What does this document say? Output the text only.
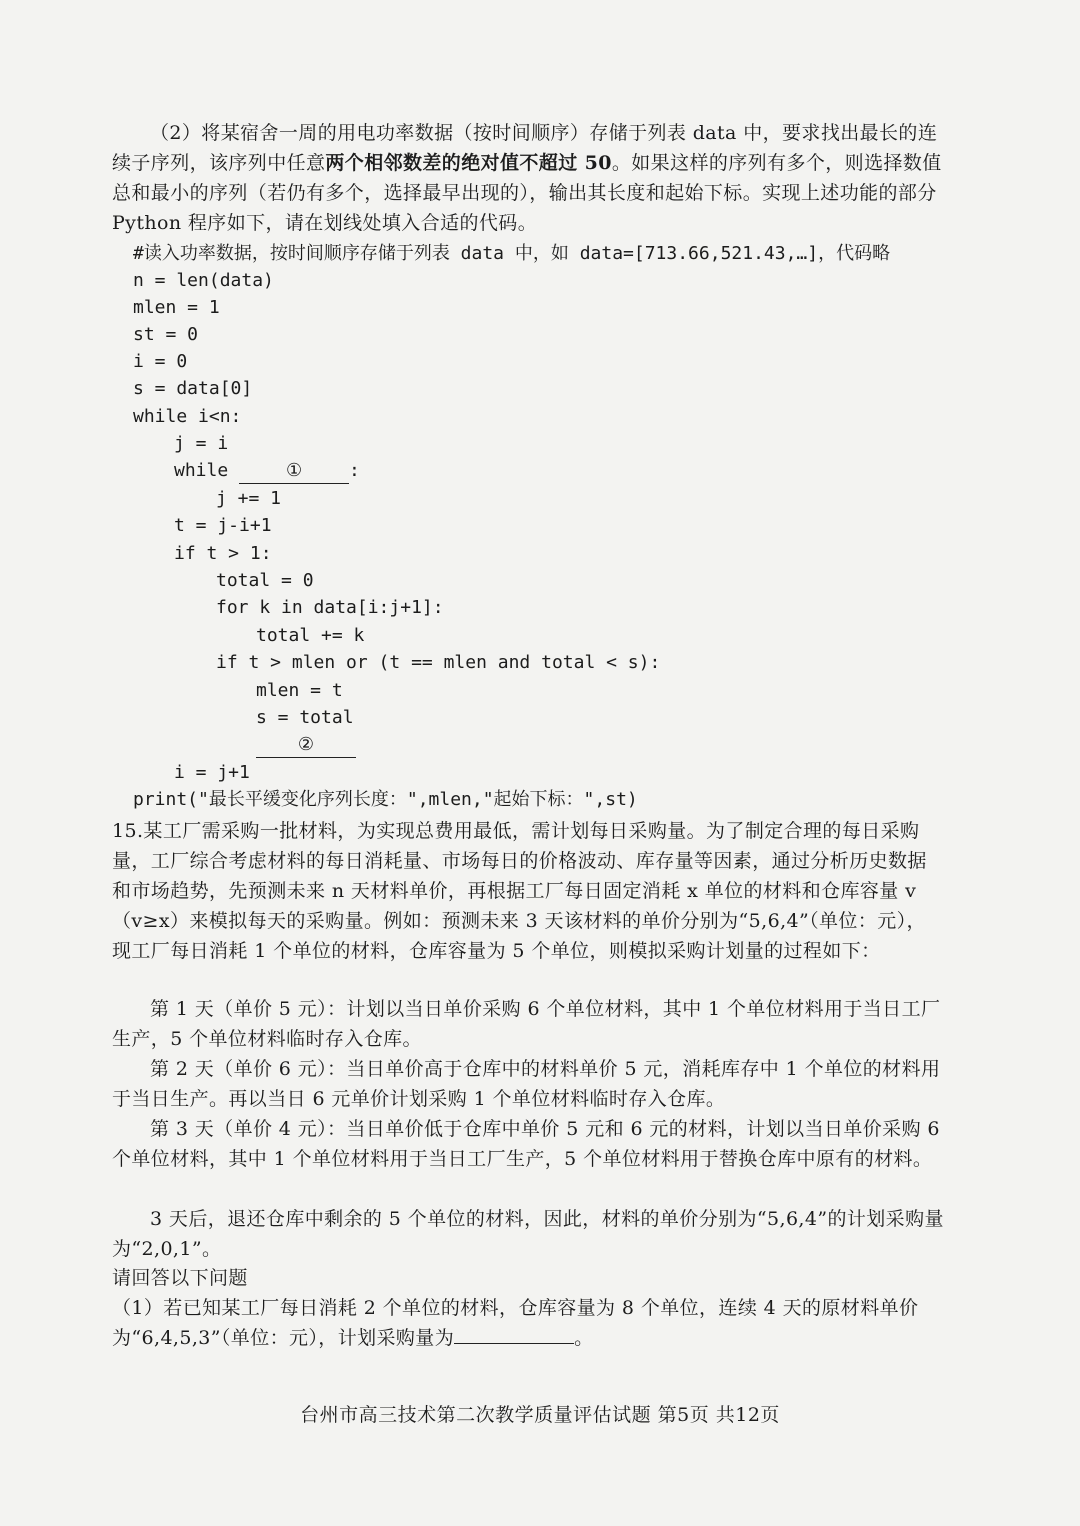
（2）将某宿舍一周的用电功率数据（按时间顺序）存储于列表 data 中，要求找出最长的连续子序列，该序列中任意两个相邻数差的绝对值不超过 50。如果这样的序列有多个，则选择数值总和最小的序列（若仍有多个，选择最早出现的），输出其长度和起始下标。实现上述功能的部分 Python 程序如下，请在划线处填入合适的代码。

#读入功率数据，按时间顺序存储于列表 data 中，如 data=[713.66,521.43,…]，代码略
n = len(data)
mlen = 1
st = 0
i = 0
s = data[0]
while i<n:
j = i
while	①	:
j += 1
t = j-i+1
if t > 1:
total = 0
for k in data[i:j+1]:
total += k
if t > mlen or (t == mlen and total < s):
mlen = t
s = total
②
i = j+1
print("最长平缓变化序列长度：",mlen,"起始下标：",st)

15.某工厂需采购一批材料，为实现总费用最低，需计划每日采购量。为了制定合理的每日采购量，工厂综合考虑材料的每日消耗量、市场每日的价格波动、库存量等因素，通过分析历史数据和市场趋势，先预测未来 n 天材料单价，再根据工厂每日固定消耗 x 单位的材料和仓库容量 v（v≥x）来模拟每天的采购量。例如：预测未来 3 天该材料的单价分别为“5,6,4”（单位：元），现工厂每日消耗 1 个单位的材料，仓库容量为 5 个单位，则模拟采购计划量的过程如下：

第 1 天（单价 5 元）：计划以当日单价采购 6 个单位材料，其中 1 个单位材料用于当日工厂生产，5 个单位材料临时存入仓库。

第 2 天（单价 6 元）：当日单价高于仓库中的材料单价 5 元，消耗库存中 1 个单位的材料用于当日生产。再以当日 6 元单价计划采购 1 个单位材料临时存入仓库。

第 3 天（单价 4 元）：当日单价低于仓库中单价 5 元和 6 元的材料，计划以当日单价采购 6 个单位材料，其中 1 个单位材料用于当日工厂生产，5 个单位材料用于替换仓库中原有的材料。

3 天后，退还仓库中剩余的 5 个单位的材料，因此，材料的单价分别为“5,6,4”的计划采购量为“2,0,1”。

请回答以下问题

（1）若已知某工厂每日消耗 2 个单位的材料，仓库容量为 8 个单位，连续 4 天的原材料单价为“6,4,5,3”（单位：元），计划采购量为	。

台州市高三技术第二次教学质量评估试题 第5页 共12页
